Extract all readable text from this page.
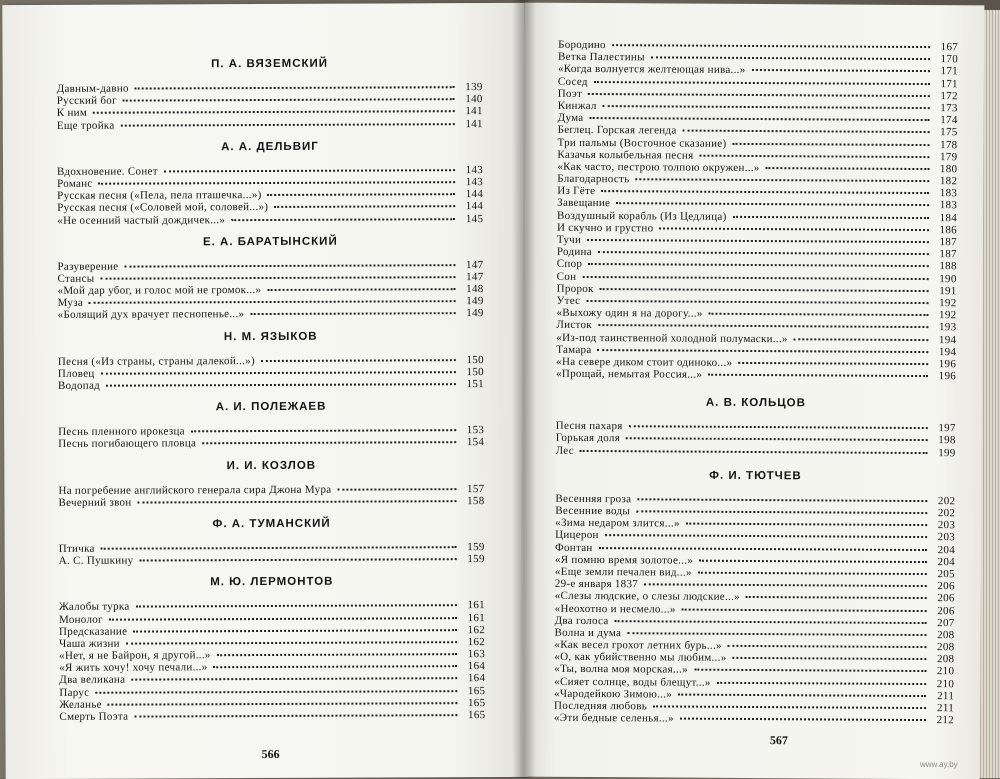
П. А. ВЯЗЕМСКИЙ
Давным-давно	139
Русский бог	140
К ним	141
Еще тройка	141
А. А. ДЕЛЬВИГ
Вдохновение. Сонет	143
Романс	143
Русская песня («Пела, пела пташечка...»)	144
Русская песня («Соловей мой, соловей...»)	144
«Не осенний частый дождичек...»	145
Е. А. БАРАТЫНСКИЙ
Разуверение	147
Стансы	147
«Мой дар убог, и голос мой не громок...»	148
Муза	149
«Болящий дух врачует песнопенье...»	149
Н. М. ЯЗЫКОВ
Песня («Из страны, страны далекой...»)	150
Пловец	150
Водопад	151
А. И. ПОЛЕЖАЕВ
Песнь пленного ирокезца	153
Песнь погибающего пловца	154
И. И. КОЗЛОВ
На погребение английского генерала сира Джона Мура	157
Вечерний звон	158
Ф. А. ТУМАНСКИЙ
Птичка	159
А. С. Пушкину	159
М. Ю. ЛЕРМОНТОВ
Жалобы турка	161
Монолог	161
Предсказание	162
Чаша жизни	162
«Нет, я не Байрон, я другой...»	163
«Я жить хочу! хочу печали...»	164
Два великана	164
Парус	165
Желанье	165
Смерть Поэта	165
566
Бородино	167
Ветка Палестины	170
«Когда волнуется желтеющая нива...»	171
Сосед	171
Поэт	172
Кинжал	173
Дума	174
Беглец. Горская легенда	175
Три пальмы (Восточное сказание)	178
Казачья колыбельная песня	179
«Как часто, пестрою толпою окружен...»	180
Благодарность	182
Из Гёте	183
Завещание	183
Воздушный корабль (Из Цедлица)	184
И скучно и грустно	186
Тучи	187
Родина	187
Спор	188
Сон	190
Пророк	191
Утес	192
«Выхожу один я на дорогу...»	192
Листок	193
«Из-под таинственной холодной полумаски...»	194
Тамара	194
«На севере диком стоит одиноко...»	196
«Прощай, немытая Россия...»	196
А. В. КОЛЬЦОВ
Песня пахаря	197
Горькая доля	198
Лес	199
Ф. И. ТЮТЧЕВ
Весенняя гроза	202
Весенние воды	202
«Зима недаром злится...»	203
Цицерон	203
Фонтан	204
«Я помню время золотое...»	204
«Еще земли печален вид...»	205
29-е января 1837	206
«Слезы людские, о слезы людские...»	206
«Неохотно и несмело...»	206
Два голоса	207
Волна и дума	208
«Как весел грохот летних бурь...»	208
«О, как убийственно мы любим...»	208
«Ты, волна моя морская...»	210
«Сияет солнце, воды блещут...»	210
«Чародейкою Зимою...»	211
Последняя любовь	211
«Эти бедные селенья...»	212
567
www.ay.by
